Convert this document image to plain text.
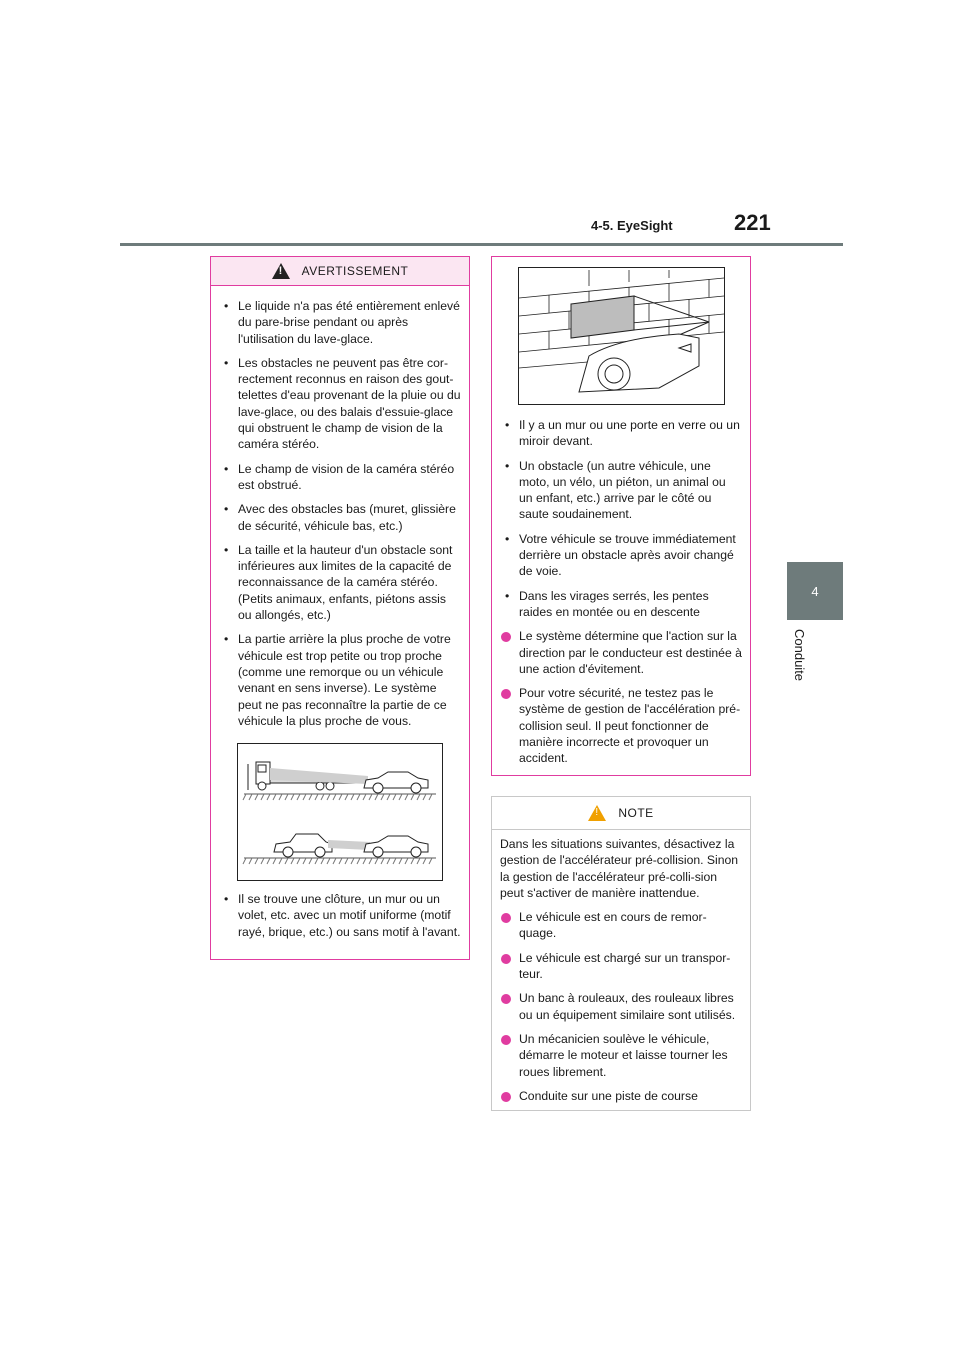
4-5. EyeSight	221
4
Conduite
!
AVERTISSEMENT

• Le liquide n'a pas été entièrement enlevé du pare-brise pendant ou après l'utilisation du lave-glace.

• Les obstacles ne peuvent pas être cor-rectement reconnus en raison des gout-telettes d'eau provenant de la pluie ou du lave-glace, ou des balais d'essuie-glace qui obstruent le champ de vision de la caméra stéréo.

• Le champ de vision de la caméra stéréo est obstrué.

• Avec des obstacles bas (muret, glissière de sécurité, véhicule bas, etc.)

• La taille et la hauteur d'un obstacle sont inférieures aux limites de la capacité de reconnaissance de la caméra stéréo. (Petits animaux, enfants, piétons assis ou allongés, etc.)

• La partie arrière la plus proche de votre véhicule est trop petite ou trop proche (comme une remorque ou un véhicule venant en sens inverse). Le système peut ne pas reconnaître la partie de ce véhicule la plus proche de vous.

• Il se trouve une clôture, un mur ou un volet, etc. avec un motif uniforme (motif rayé, brique, etc.) ou sans motif à l'avant.

• Il y a un mur ou une porte en verre ou un miroir devant.

• Un obstacle (un autre véhicule, une moto, un vélo, un piéton, un animal ou un enfant, etc.) arrive par le côté ou saute soudainement.

• Votre véhicule se trouve immédiatement derrière un obstacle après avoir changé de voie.

• Dans les virages serrés, les pentes raides en montée ou en descente

Le système détermine que l'action sur la direction par le conducteur est destinée à une action d'évitement.

Pour votre sécurité, ne testez pas le système de gestion de l'accélération pré-collision seul. Il peut fonctionner de manière incorrecte et provoquer un accident.

!
NOTE

Dans les situations suivantes, désactivez la gestion de l'accélérateur pré-collision. Sinon la gestion de l'accélérateur pré-colli-sion peut s'activer de manière inattendue.

Le véhicule est en cours de remor-quage.

Le véhicule est chargé sur un transpor-teur.

Un banc à rouleaux, des rouleaux libres ou un équipement similaire sont utilisés.

Un mécanicien soulève le véhicule, démarre le moteur et laisse tourner les roues librement.

Conduite sur une piste de course
